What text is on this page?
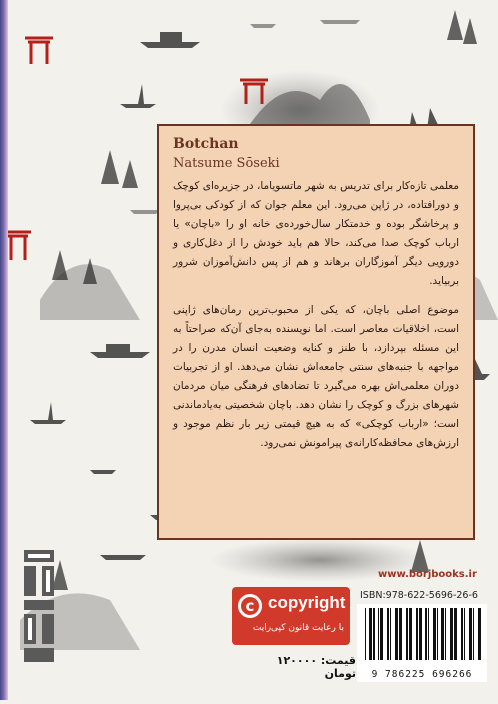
Botchan

Natsume Sōseki

معلمی تازه‌کار برای تدریس به شهر ماتسویاما، در جزیره‌ای کوچک و دورافتاده، در ژاپن می‌رود. این معلم جوان که از کودکی بی‌پروا و پرخاشگر بوده و خدمتکار سال‌خورده‌ی خانه او را «باچان» یا ارباب کوچک صدا می‌کند، حالا هم باید خودش را از دغل‌کاری و دورویی دیگر آموزگاران برهاند و هم از پس دانش‌آموزان شرور بربیاید.

موضوع اصلی باچان، که یکی از محبوب‌ترین رمان‌های ژاپنی است، اخلاقیات معاصر است. اما نویسنده به‌جای آن‌که صراحتاً به این مسئله بپردازد، با طنز و کنایه وضعیت انسان مدرن را در مواجهه با جنبه‌های سنتی جامعه‌اش نشان می‌دهد. او از تجربیات دوران معلمی‌اش بهره می‌گیرد تا تضادهای فرهنگی میان مردمان شهرهای بزرگ و کوچک را نشان دهد. باچان شخصیتی به‌یادماندنی است؛ «ارباب کوچکی» که به هیچ قیمتی زیر بار نظم موجود و ارزش‌های محافظه‌کارانه‌ی پیرامونش نمی‌رود.

www.borjbooks.ir
ISBN:978-622-5696-26-6
c copyright
با رعایت قانون کپی‌رایت
قیمت: ۱۲۰۰۰۰ تومان	9 786225 696266
